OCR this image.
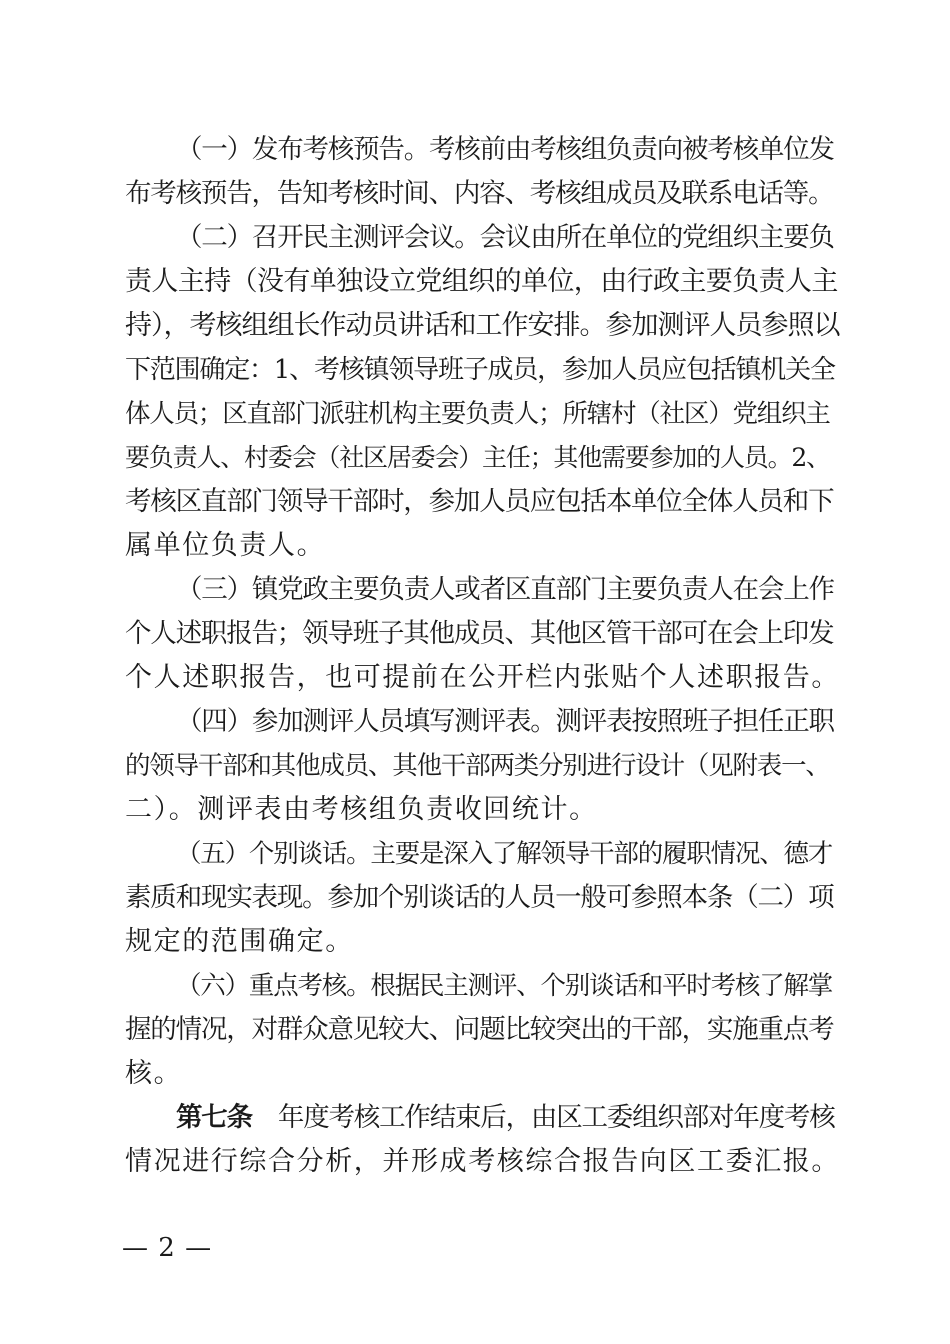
（一）发布考核预告。考核前由考核组负责向被考核单位发
布考核预告，告知考核时间、内容、考核组成员及联系电话等。
（二）召开民主测评会议。会议由所在单位的党组织主要负
责人主持（没有单独设立党组织的单位，由行政主要负责人主
持），考核组组长作动员讲话和工作安排。参加测评人员参照以
下范围确定：1、考核镇领导班子成员，参加人员应包括镇机关全
体人员；区直部门派驻机构主要负责人；所辖村（社区）党组织主
要负责人、村委会（社区居委会）主任；其他需要参加的人员。2、
考核区直部门领导干部时，参加人员应包括本单位全体人员和下
属单位负责人。
（三）镇党政主要负责人或者区直部门主要负责人在会上作
个人述职报告；领导班子其他成员、其他区管干部可在会上印发
个人述职报告，也可提前在公开栏内张贴个人述职报告。
（四）参加测评人员填写测评表。测评表按照班子担任正职
的领导干部和其他成员、其他干部两类分别进行设计（见附表一、
二）。测评表由考核组负责收回统计。
（五）个别谈话。主要是深入了解领导干部的履职情况、德才
素质和现实表现。参加个别谈话的人员一般可参照本条（二）项
规定的范围确定。
（六）重点考核。根据民主测评、个别谈话和平时考核了解掌
握的情况，对群众意见较大、问题比较突出的干部，实施重点考
核。
第七条 年度考核工作结束后，由区工委组织部对年度考核
情况进行综合分析，并形成考核综合报告向区工委汇报。
— 2 —
